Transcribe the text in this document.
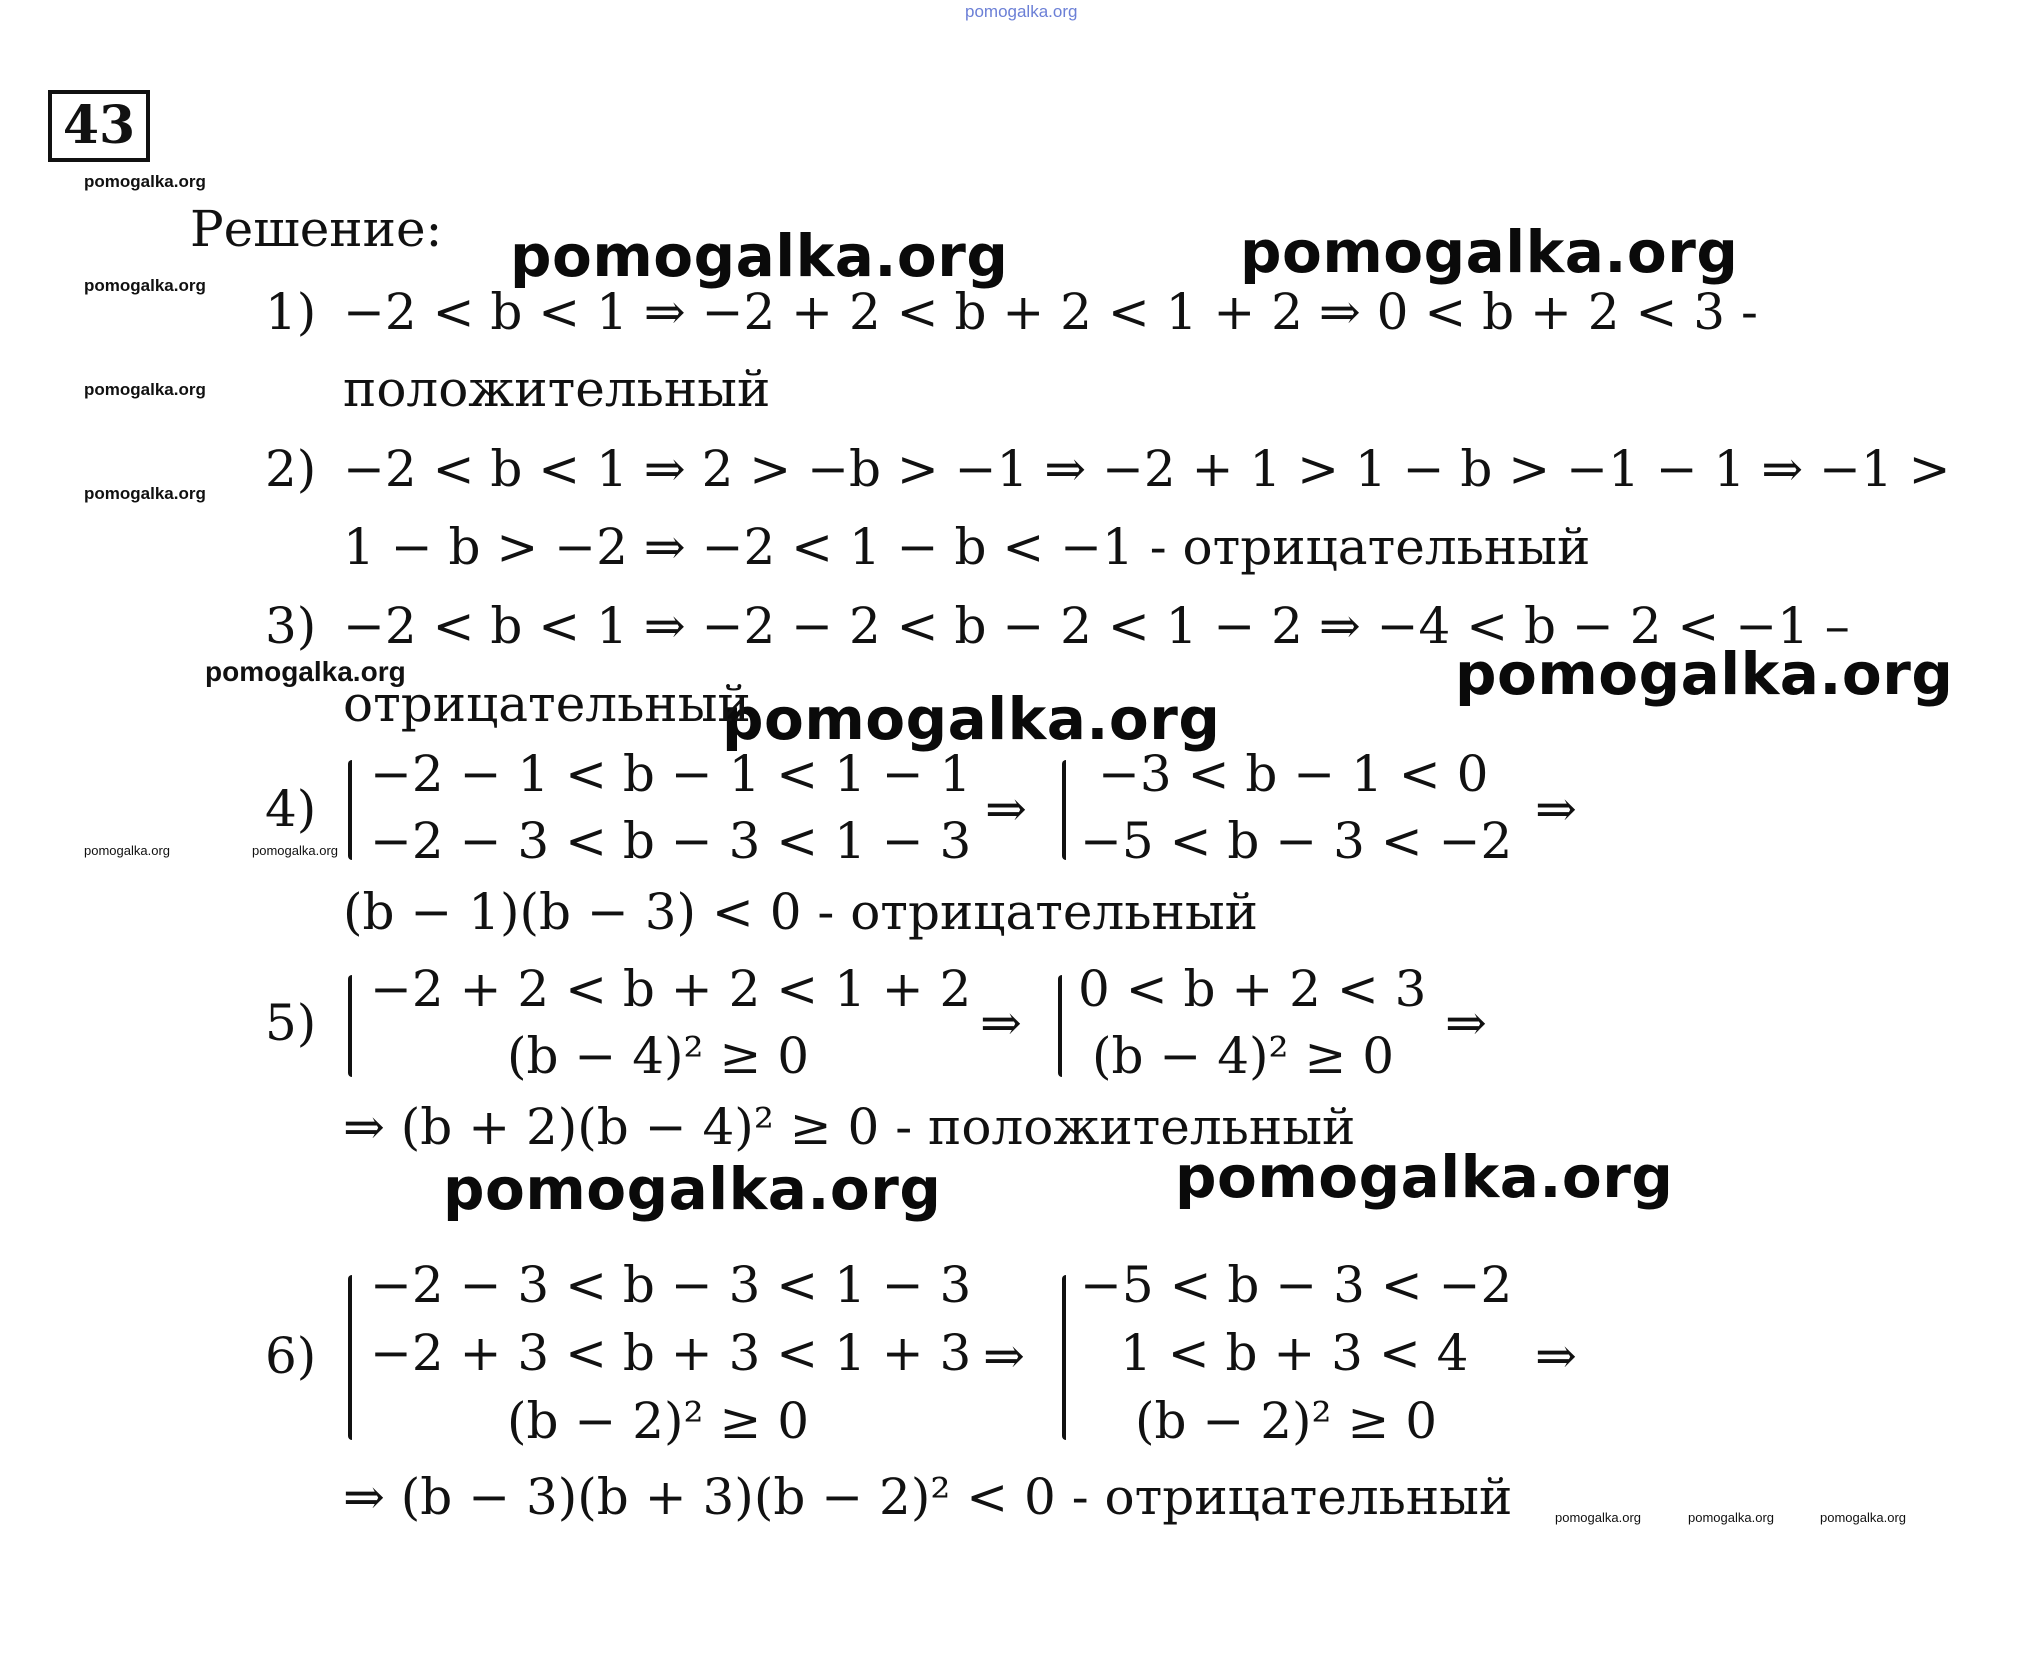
pomogalka.org
pomogalka.org
pomogalka.org
pomogalka.org
pomogalka.org
pomogalka.org	pomogalka.org
pomogalka.org	pomogalka.org	pomogalka.org
pomogalka.org
pomogalka.org	pomogalka.org
pomogalka.org
pomogalka.org
pomogalka.org	pomogalka.org
43
Решение:
1) −2 < b < 1 ⇒ −2 + 2 < b + 2 < 1 + 2 ⇒ 0 < b + 2 < 3 -
положительный
2) −2 < b < 1 ⇒ 2 > −b > −1 ⇒ −2 + 1 > 1 − b > −1 − 1 ⇒ −1 >
1 − b > −2 ⇒ −2 < 1 − b < −1 - отрицательный
3) −2 < b < 1 ⇒ −2 − 2 < b − 2 < 1 − 2 ⇒ −4 < b − 2 < −1 –
отрицательный
4)
−2 − 1 < b − 1 < 1 − 1
−2 − 3 < b − 3 < 1 − 3
⇒
−3 < b − 1 < 0
−5 < b − 3 < −2
⇒
(b − 1)(b − 3) < 0 - отрицательный
5)
−2 + 2 < b + 2 < 1 + 2
(b − 4)² ≥ 0
⇒
0 < b + 2 < 3
(b − 4)² ≥ 0
⇒
⇒ (b + 2)(b − 4)² ≥ 0 - положительный
6)
−2 − 3 < b − 3 < 1 − 3
−2 + 3 < b + 3 < 1 + 3
(b − 2)² ≥ 0
⇒
−5 < b − 3 < −2
1 < b + 3 < 4
(b − 2)² ≥ 0
⇒
⇒ (b − 3)(b + 3)(b − 2)² < 0 - отрицательный
